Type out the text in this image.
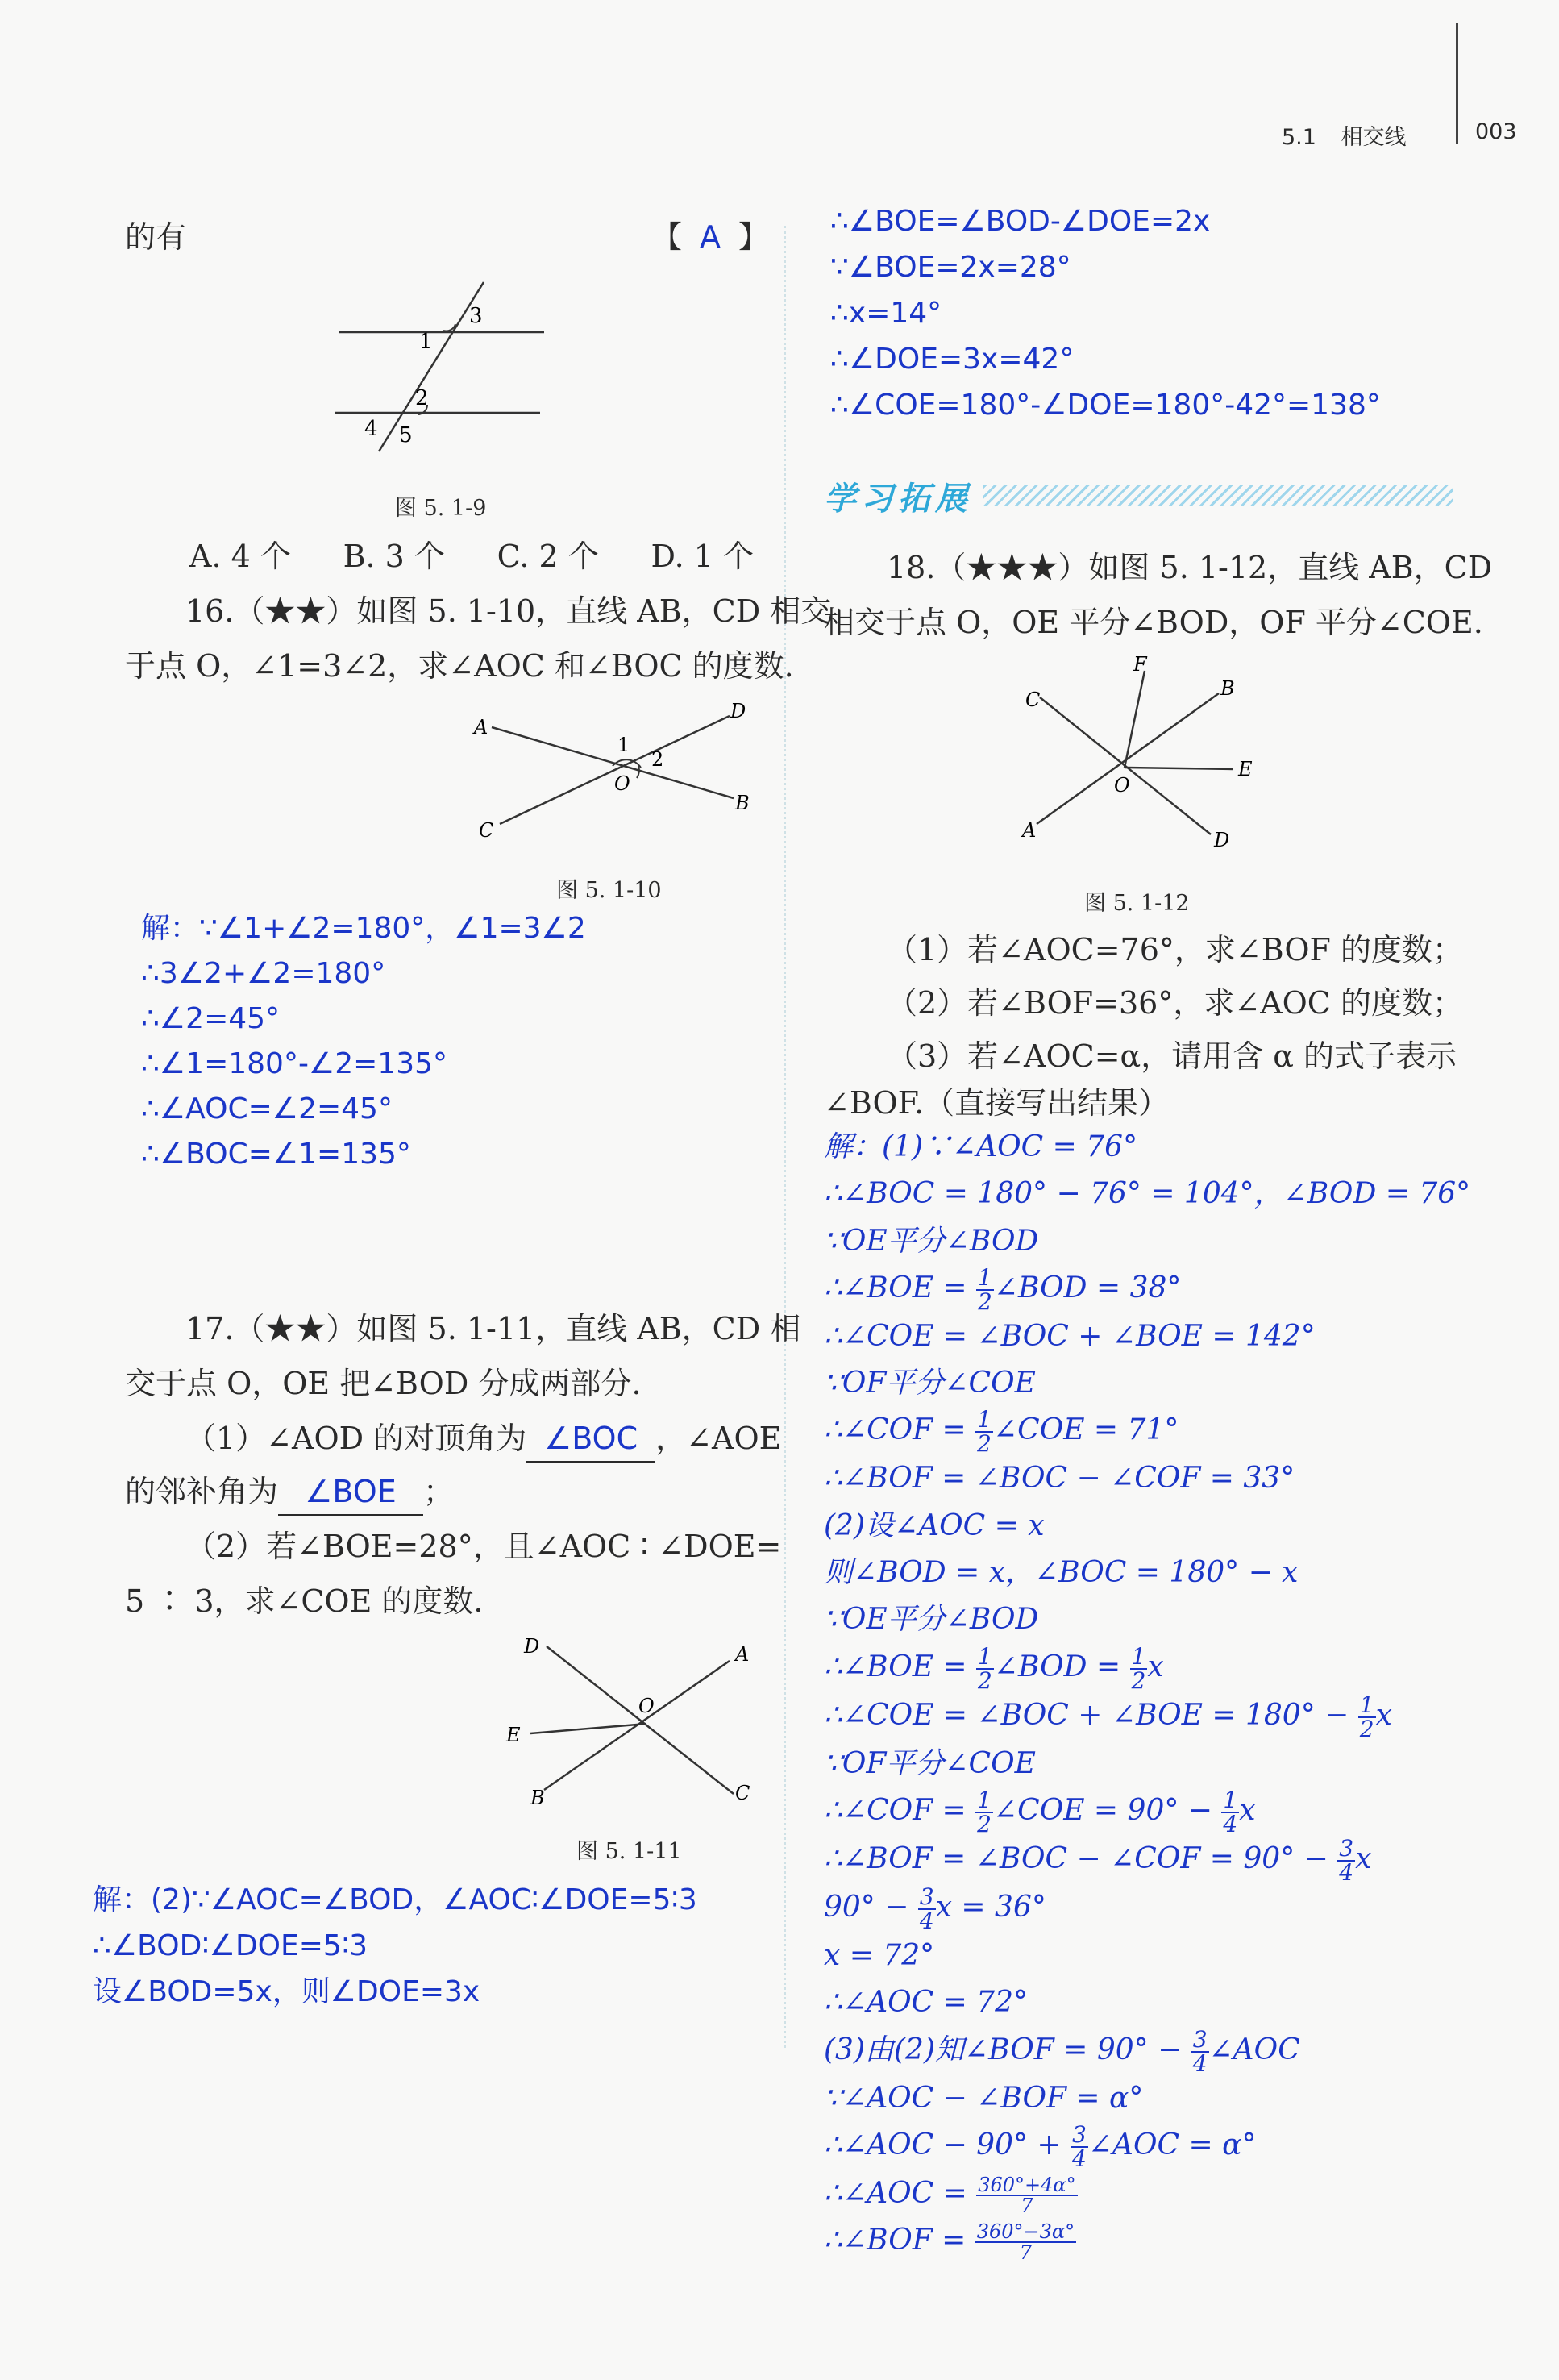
5.1 相交线	003
的有	【 A 】
3
1
2
4 5
图 5. 1-9
A. 4 个 B. 3 个 C. 2 个 D. 1 个
16.（★★）如图 5. 1-10，直线 AB，CD 相交
于点 O，∠1=3∠2，求∠AOC 和∠BOC 的度数.
A
D
1
2
O
B
C
图 5. 1-10
解：∵∠1+∠2=180°，∠1=3∠2
∴3∠2+∠2=180°
∴∠2=45°
∴∠1=180°-∠2=135°
∴∠AOC=∠2=45°
∴∠BOC=∠1=135°
17.（★★）如图 5. 1-11，直线 AB，CD 相
交于点 O，OE 把∠BOD 分成两部分.
（1）∠AOD 的对顶角为 ∠BOC ，∠AOE
的邻补角为 ∠BOE ；
（2）若∠BOE=28°，且∠AOC ∶ ∠DOE=
5 ∶ 3，求∠COE 的度数.
D	A
O
E
B	C
图 5. 1-11
解：(2)∵∠AOC=∠BOD，∠AOC∶∠DOE=5∶3
∴∠BOD∶∠DOE=5∶3
设∠BOD=5x，则∠DOE=3x
∴∠BOE=∠BOD-∠DOE=2x
∵∠BOE=2x=28°
∴x=14°
∴∠DOE=3x=42°
∴∠COE=180°-∠DOE=180°-42°=138°
学习拓展
18.（★★★）如图 5. 1-12，直线 AB，CD
相交于点 O，OE 平分∠BOD，OF 平分∠COE.
F
B
C
E
O
A	D
图 5. 1-12
（1）若∠AOC=76°，求∠BOF 的度数；
（2）若∠BOF=36°，求∠AOC 的度数；
（3）若∠AOC=α，请用含 α 的式子表示
∠BOF.（直接写出结果）
解：(1)∵∠AOC = 76°
∴∠BOC = 180° − 76° = 104°，∠BOD = 76°
∵OE平分∠BOD
∴∠BOE = $\frac{1}{2}$ ∠BOD = 38°
∴∠COE = ∠BOC + ∠BOE = 142°
∵OF平分∠COE
∴∠COF = $\frac{1}{2}$ ∠COE = 71°
∴∠BOF = ∠BOC − ∠COF = 33°
(2)设∠AOC = x
则∠BOD = x，∠BOC = 180° − x
∵OE平分∠BOD
∴∠BOE = $\frac{1}{2}$ ∠BOD = $\frac{1}{2}$ x
∴∠COE = ∠BOC + ∠BOE = $180^\circ - \frac{1}{2}$ x
∵OF平分∠COE
∴∠COF = $\frac{1}{2}$ ∠COE = $90^\circ - \frac{1}{4}$ x
∴∠BOF = ∠BOC − ∠COF = $90^\circ - \frac{3}{4}$ x
$90^\circ - \frac{3}{4}$ x = 36°
x = 72°
∴∠AOC = 72°
(3)由(2)知∠BOF = $90^\circ - \frac{3}{4}$ ∠AOC
∵∠AOC − ∠BOF = α°
∴∠AOC − $90^\circ + \frac{3}{4}$ ∠AOC = α°
∴∠AOC = $\frac{360^\circ+4\alpha^\circ}{7}$
∴∠BOF = $\frac{360^\circ-3\alpha^\circ}{7}$
